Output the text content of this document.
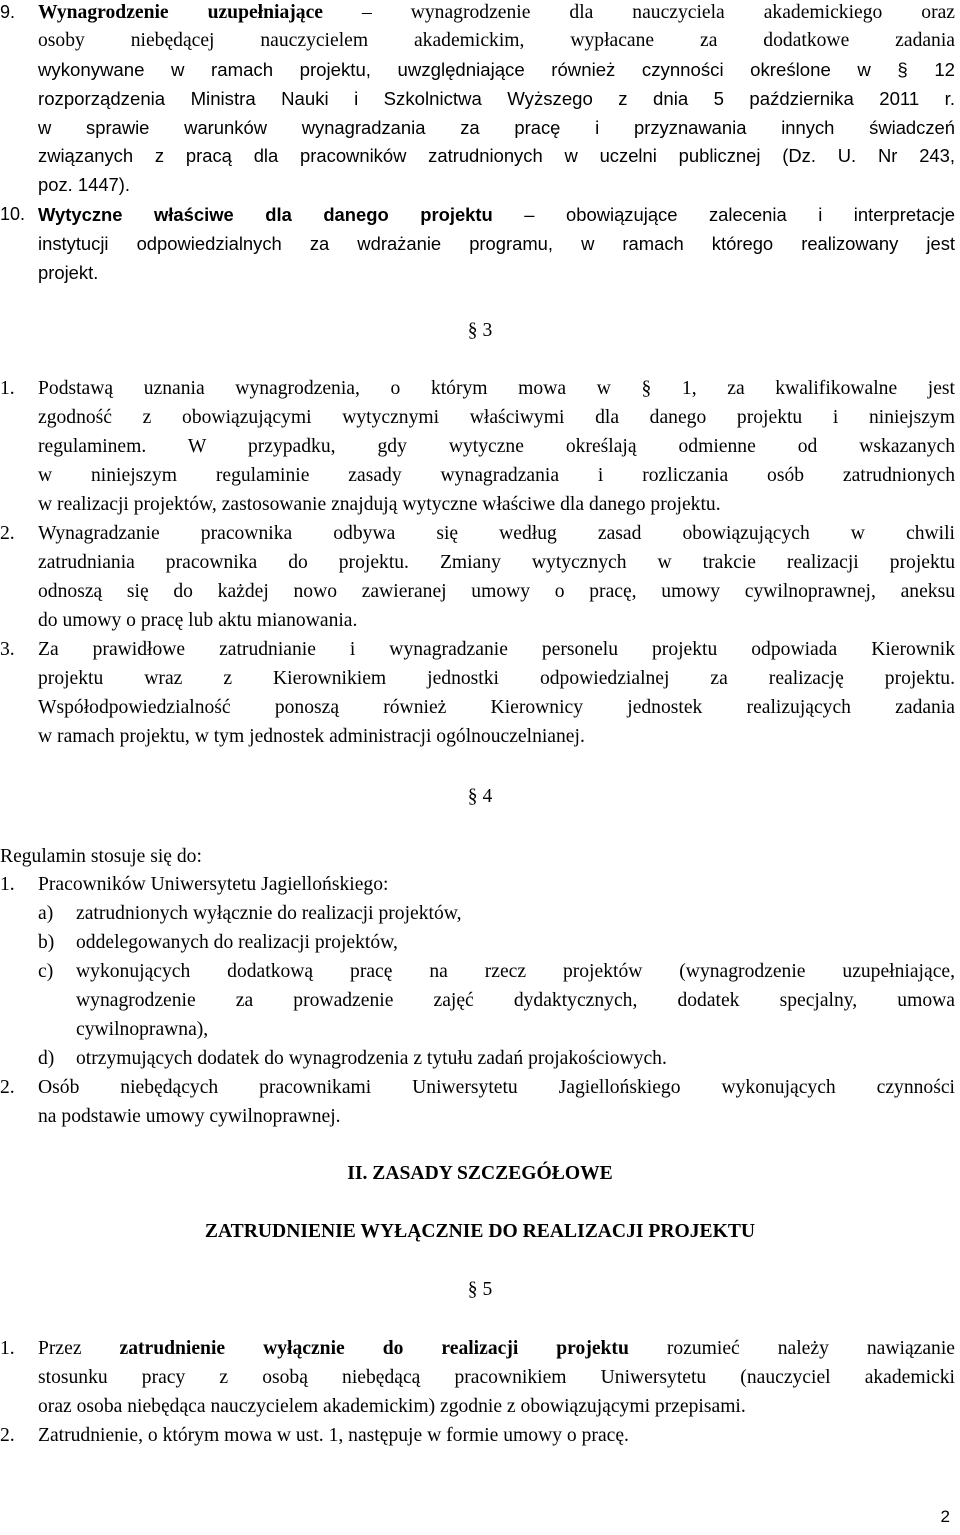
9. Wynagrodzenie uzupełniające – wynagrodzenie dla nauczyciela akademickiego oraz
osoby niebędącej nauczycielem akademickim, wypłacane za dodatkowe zadania
wykonywane w ramach projektu, uwzględniające również czynności określone w § 12
rozporządzenia Ministra Nauki i Szkolnictwa Wyższego z dnia 5 października 2011 r.
w sprawie warunków wynagradzania za pracę i przyznawania innych świadczeń
związanych z pracą dla pracowników zatrudnionych w uczelni publicznej (Dz. U. Nr 243,
poz. 1447).
10. Wytyczne właściwe dla danego projektu – obowiązujące zalecenia i interpretacje
instytucji odpowiedzialnych za wdrażanie programu, w ramach którego realizowany jest
projekt.
§ 3
1. Podstawą uznania wynagrodzenia, o którym mowa w § 1, za kwalifikowalne jest
zgodność z obowiązującymi wytycznymi właściwymi dla danego projektu i niniejszym
regulaminem. W przypadku, gdy wytyczne określają odmienne od wskazanych
w niniejszym regulaminie zasady wynagradzania i rozliczania osób zatrudnionych
w realizacji projektów, zastosowanie znajdują wytyczne właściwe dla danego projektu.
2. Wynagradzanie pracownika odbywa się według zasad obowiązujących w chwili
zatrudniania pracownika do projektu. Zmiany wytycznych w trakcie realizacji projektu
odnoszą się do każdej nowo zawieranej umowy o pracę, umowy cywilnoprawnej, aneksu
do umowy o pracę lub aktu mianowania.
3. Za prawidłowe zatrudnianie i wynagradzanie personelu projektu odpowiada Kierownik
projektu wraz z Kierownikiem jednostki odpowiedzialnej za realizację projektu.
Współodpowiedzialność ponoszą również Kierownicy jednostek realizujących zadania
w ramach projektu, w tym jednostek administracji ogólnouczelnianej.
§ 4
Regulamin stosuje się do:
1. Pracowników Uniwersytetu Jagiellońskiego:
a) zatrudnionych wyłącznie do realizacji projektów,
b) oddelegowanych do realizacji projektów,
c) wykonujących dodatkową pracę na rzecz projektów (wynagrodzenie uzupełniające,
wynagrodzenie za prowadzenie zajęć dydaktycznych, dodatek specjalny, umowa
cywilnoprawna),
d) otrzymujących dodatek do wynagrodzenia z tytułu zadań projakościowych.
2. Osób niebędących pracownikami Uniwersytetu Jagiellońskiego wykonujących czynności
na podstawie umowy cywilnoprawnej.
II. ZASADY SZCZEGÓŁOWE
ZATRUDNIENIE WYŁĄCZNIE DO REALIZACJI PROJEKTU
§ 5
1. Przez zatrudnienie wyłącznie do realizacji projektu rozumieć należy nawiązanie
stosunku pracy z osobą niebędącą pracownikiem Uniwersytetu (nauczyciel akademicki
oraz osoba niebędąca nauczycielem akademickim) zgodnie z obowiązującymi przepisami.
2. Zatrudnienie, o którym mowa w ust. 1, następuje w formie umowy o pracę.
2
